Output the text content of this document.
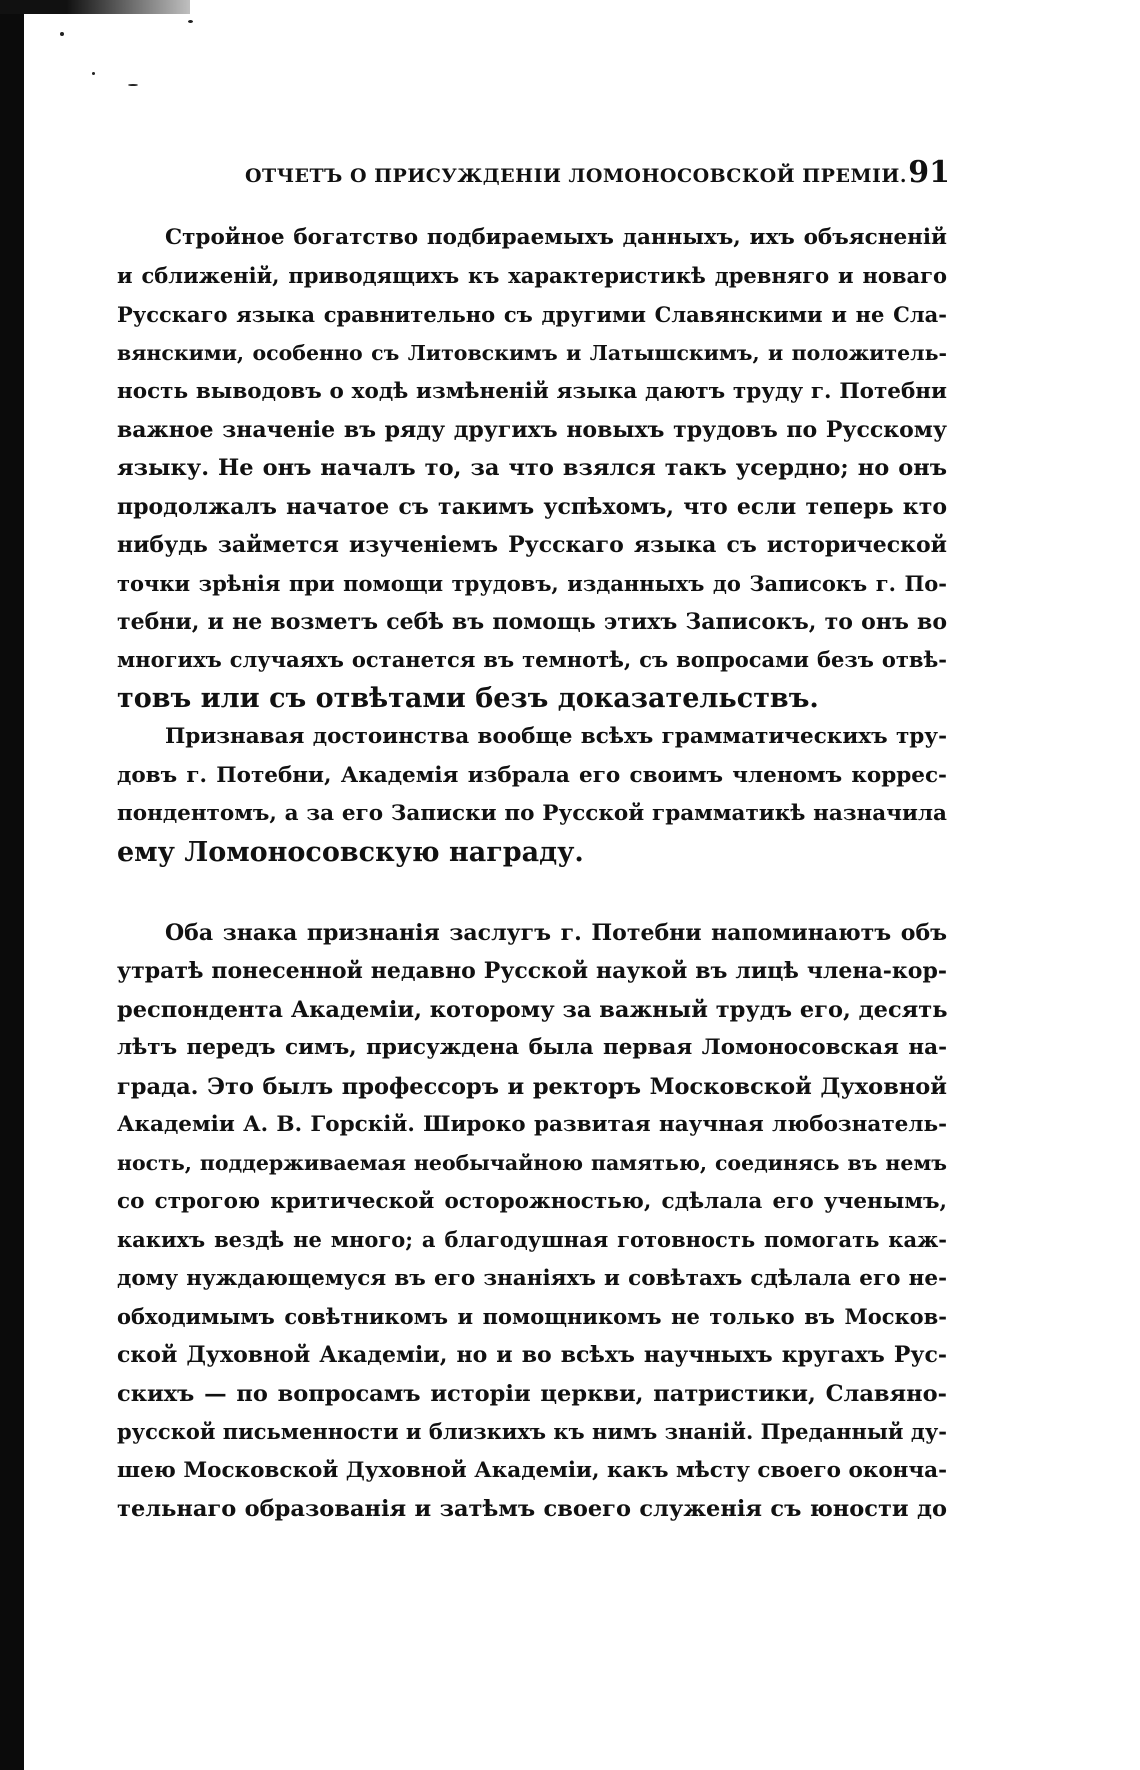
ОТЧЕТЪ О ПРИСУЖДЕНІИ ЛОМОНОСОВСКОЙ ПРЕМІИ. 91
Стройное богатство подбираемыхъ данныхъ, ихъ объясненій
и сближеній, приводящихъ къ характеристикѣ древняго и новаго
Русскаго языка сравнительно съ другими Славянскими и не Сла-
вянскими, особенно съ Литовскимъ и Латышскимъ, и положитель-
ность выводовъ о ходѣ измѣненій языка даютъ труду г. Потебни
важное значеніе въ ряду другихъ новыхъ трудовъ по Русскому
языку. Не онъ началъ то, за что взялся такъ усердно; но онъ
продолжалъ начатое съ такимъ успѣхомъ, что если теперь кто
нибудь займется изученіемъ Русскаго языка съ исторической
точки зрѣнія при помощи трудовъ, изданныхъ до Записокъ г. По-
тебни, и не возметъ себѣ въ помощь этихъ Записокъ, то онъ во
многихъ случаяхъ останется въ темнотѣ, съ вопросами безъ отвѣ-
товъ или съ отвѣтами безъ доказательствъ.
Признавая достоинства вообще всѣхъ грамматическихъ тру-
довъ г. Потебни, Академія избрала его своимъ членомъ коррес-
пондентомъ, а за его Записки по Русской грамматикѣ назначила
ему Ломоносовскую награду.
Оба знака признанія заслугъ г. Потебни напоминаютъ объ
утратѣ понесенной недавно Русской наукой въ лицѣ члена-кор-
респондента Академіи, которому за важный трудъ его, десять
лѣтъ передъ симъ, присуждена была первая Ломоносовская на-
града. Это былъ профессоръ и ректоръ Московской Духовной
Академіи А. В. Горскій. Широко развитая научная любознатель-
ность, поддерживаемая необычайною памятью, соединясь въ немъ
со строгою критической осторожностью, сдѣлала его ученымъ,
какихъ вездѣ не много; а благодушная готовность помогать каж-
дому нуждающемуся въ его знаніяхъ и совѣтахъ сдѣлала его не-
обходимымъ совѣтникомъ и помощникомъ не только въ Москов-
ской Духовной Академіи, но и во всѣхъ научныхъ кругахъ Рус-
скихъ — по вопросамъ исторіи церкви, патристики, Славяно-
русской письменности и близкихъ къ нимъ знаній. Преданный ду-
шею Московской Духовной Академіи, какъ мѣсту своего оконча-
тельнаго образованія и затѣмъ своего служенія съ юности до
